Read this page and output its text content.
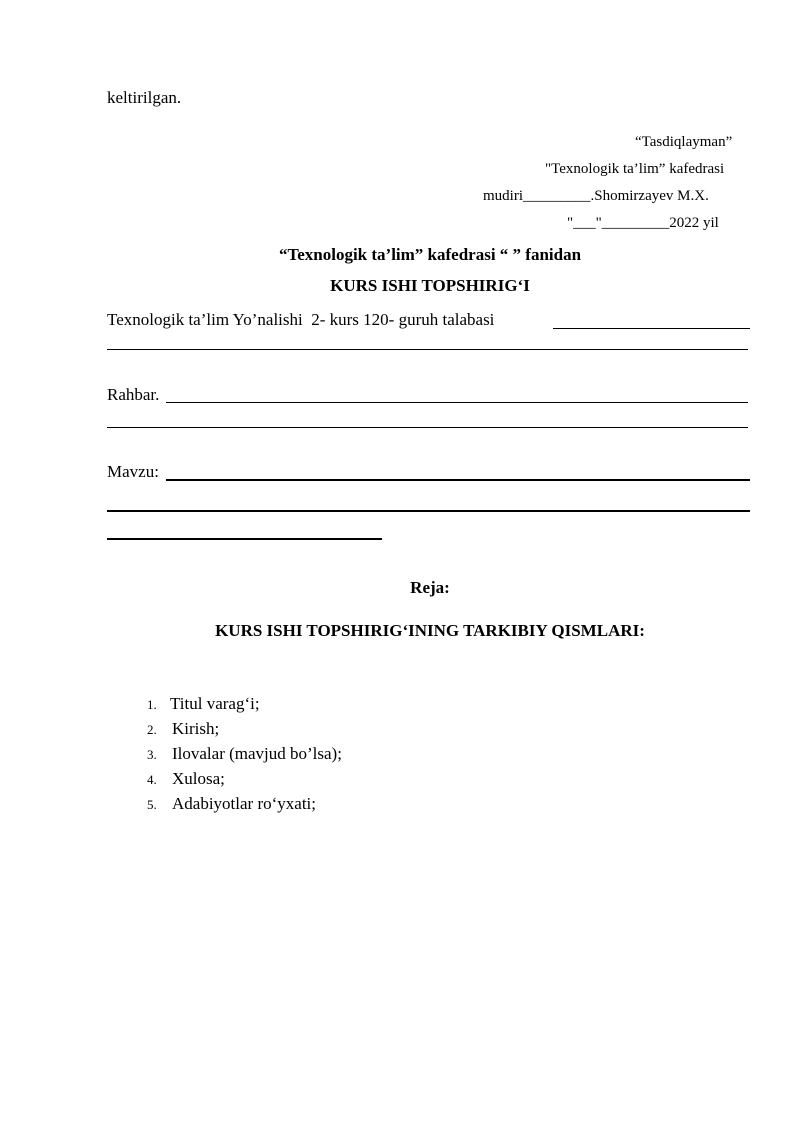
keltirilgan.
“Tasdiqlayman”
"Texnologik ta’lim” kafedrasi
mudiri_________.Shomirzayev M.X.
"___"_________2022 yil
“Texnologik ta’lim” kafedrasi “ ” fanidan
KURS ISHI TOPSHIRIG‘I
Texnologik ta’lim Yo’nalishi  2- kurs 120- guruh talabasi
Rahbar.
Mavzu:
Reja:
KURS ISHI TOPSHIRIG‘INING TARKIBIY QISMLARI:
1. Titul varag‘i;
2. Kirish;
3. Ilovalar (mavjud bo’lsa);
4. Xulosa;
5. Adabiyotlar ro‘yxati;
